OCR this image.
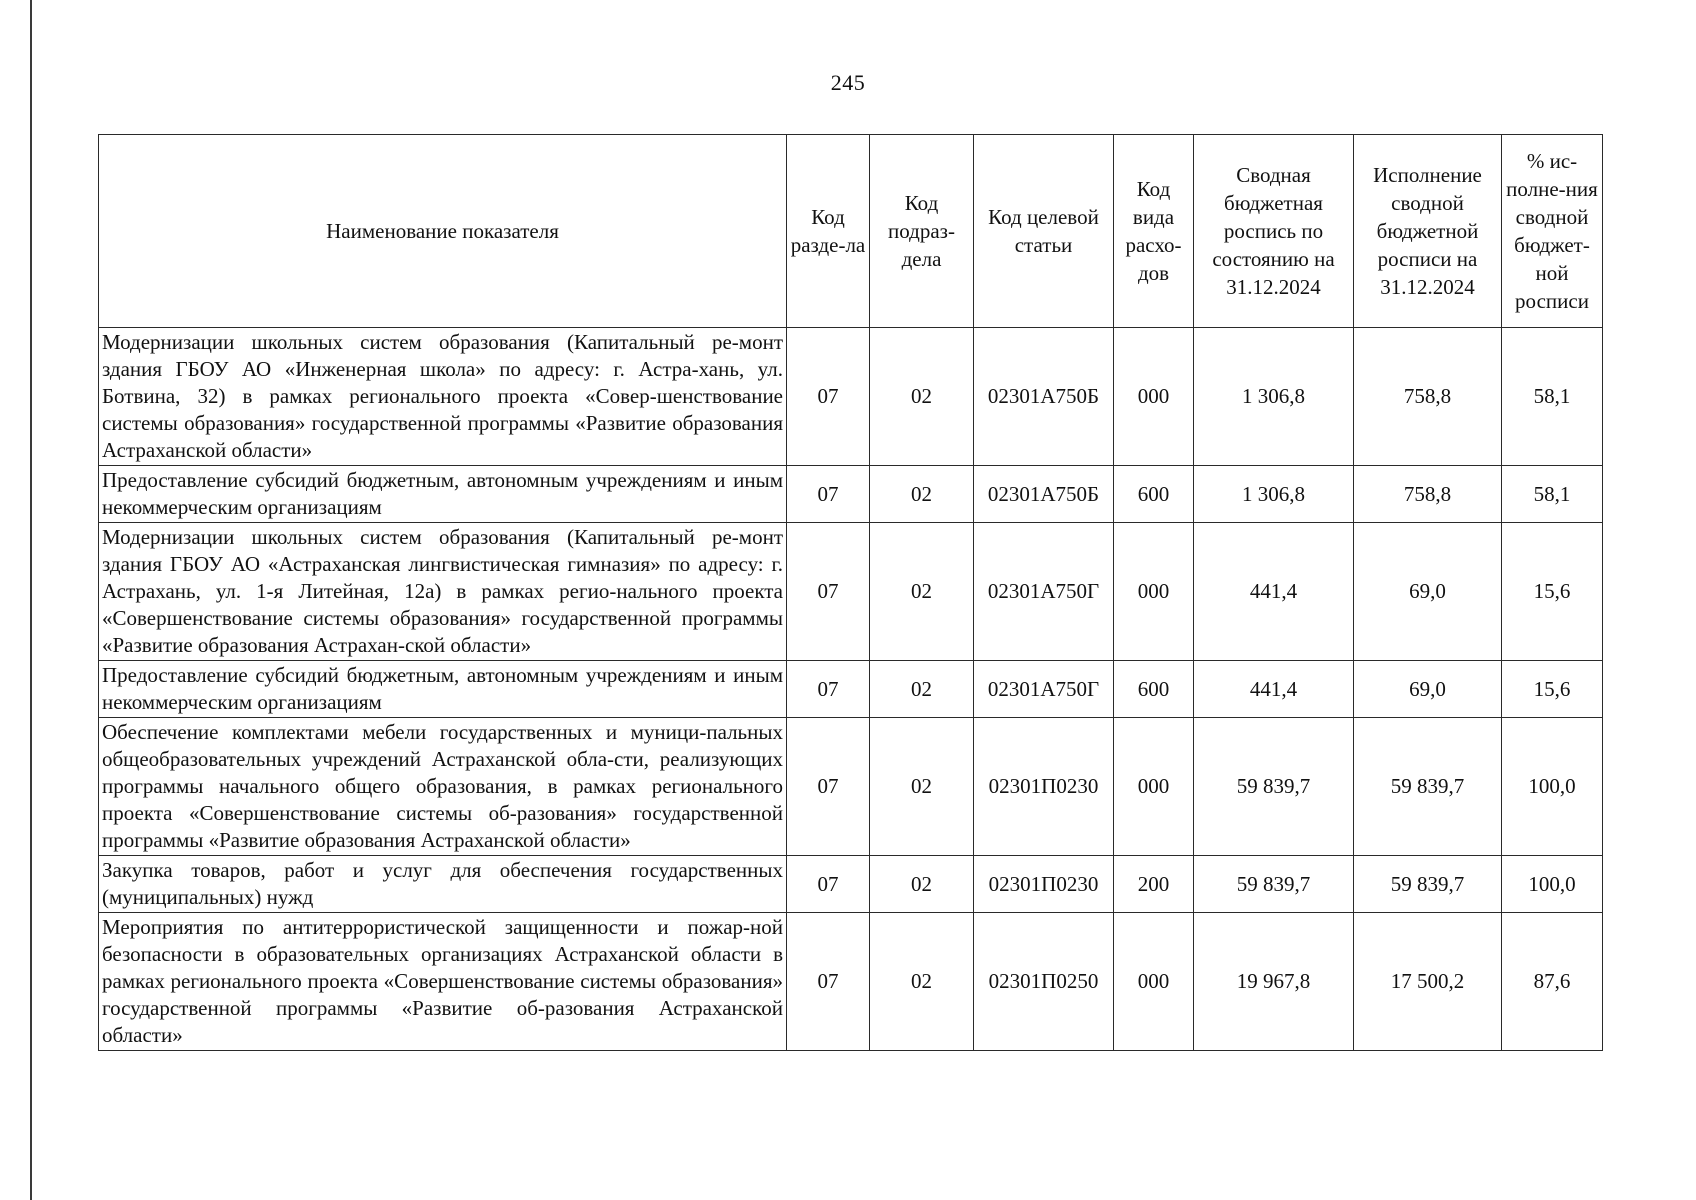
245
Наименование показателя	Код разде-ла	Код подраз-дела	Код целевой статьи	Код вида расхо-дов	Сводная бюджетная роспись по состоянию на 31.12.2024	Исполнение сводной бюджетной росписи на 31.12.2024	% ис-полне-ния сводной бюджет-ной росписи
Модернизации школьных систем образования (Капитальный ре-монт здания ГБОУ АО «Инженерная школа» по адресу: г. Астра-хань, ул. Ботвина, 32) в рамках регионального проекта «Совер-шенствование системы образования» государственной программы «Развитие образования Астраханской области»	07	02	02301A750Б	000	1 306,8	758,8	58,1
Предоставление субсидий бюджетным, автономным учреждениям и иным некоммерческим организациям	07	02	02301A750Б	600	1 306,8	758,8	58,1
Модернизации школьных систем образования (Капитальный ре-монт здания ГБОУ АО «Астраханская лингвистическая гимназия» по адресу: г. Астрахань, ул. 1-я Литейная, 12а) в рамках регио-нального проекта «Совершенствование системы образования» государственной программы «Развитие образования Астрахан-ской области»	07	02	02301A750Г	000	441,4	69,0	15,6
Предоставление субсидий бюджетным, автономным учреждениям и иным некоммерческим организациям	07	02	02301A750Г	600	441,4	69,0	15,6
Обеспечение комплектами мебели государственных и муници-пальных общеобразовательных учреждений Астраханской обла-сти, реализующих программы начального общего образования, в рамках регионального проекта «Совершенствование системы об-разования» государственной программы «Развитие образования Астраханской области»	07	02	02301П0230	000	59 839,7	59 839,7	100,0
Закупка товаров, работ и услуг для обеспечения государственных (муниципальных) нужд	07	02	02301П0230	200	59 839,7	59 839,7	100,0
Мероприятия по антитеррористической защищенности и пожар-ной безопасности в образовательных организациях Астраханской области в рамках регионального проекта «Совершенствование системы образования» государственной программы «Развитие об-разования Астраханской области»	07	02	02301П0250	000	19 967,8	17 500,2	87,6
